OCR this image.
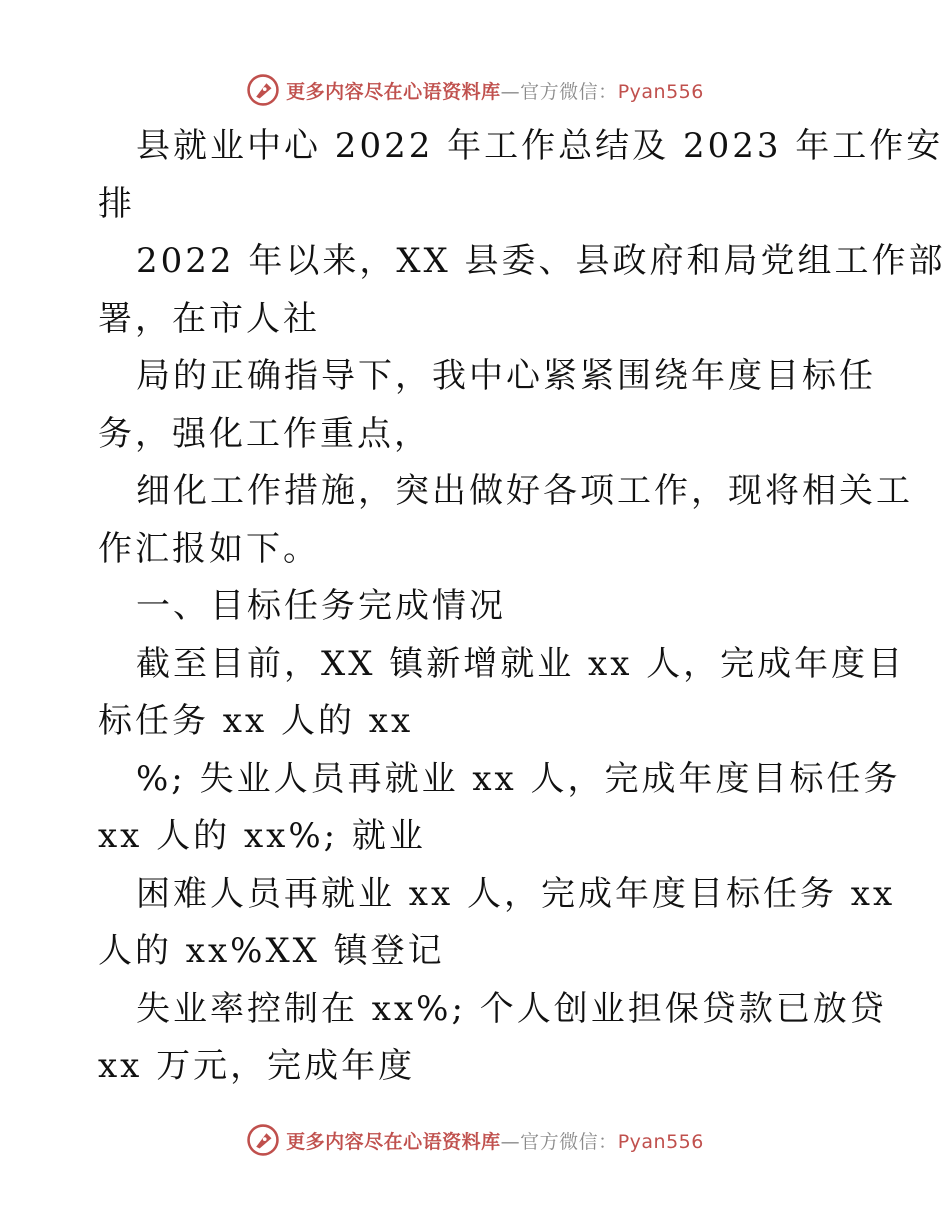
更多内容尽在心语资料库—官方微信：Pyan556
县就业中心 2022 年工作总结及 2023 年工作安
排
2022 年以来，XX 县委、县政府和局党组工作部
署，在市人社
局的正确指导下，我中心紧紧围绕年度目标任
务，强化工作重点，
细化工作措施，突出做好各项工作，现将相关工
作汇报如下。
一、目标任务完成情况
截至目前，XX 镇新增就业 xx 人，完成年度目
标任务 xx 人的 xx
%; 失业人员再就业 xx 人，完成年度目标任务
xx 人的 xx%; 就业
困难人员再就业 xx 人，完成年度目标任务 xx
人的 xx%XX 镇登记
失业率控制在 xx%; 个人创业担保贷款已放贷
xx 万元，完成年度
更多内容尽在心语资料库—官方微信：Pyan556
